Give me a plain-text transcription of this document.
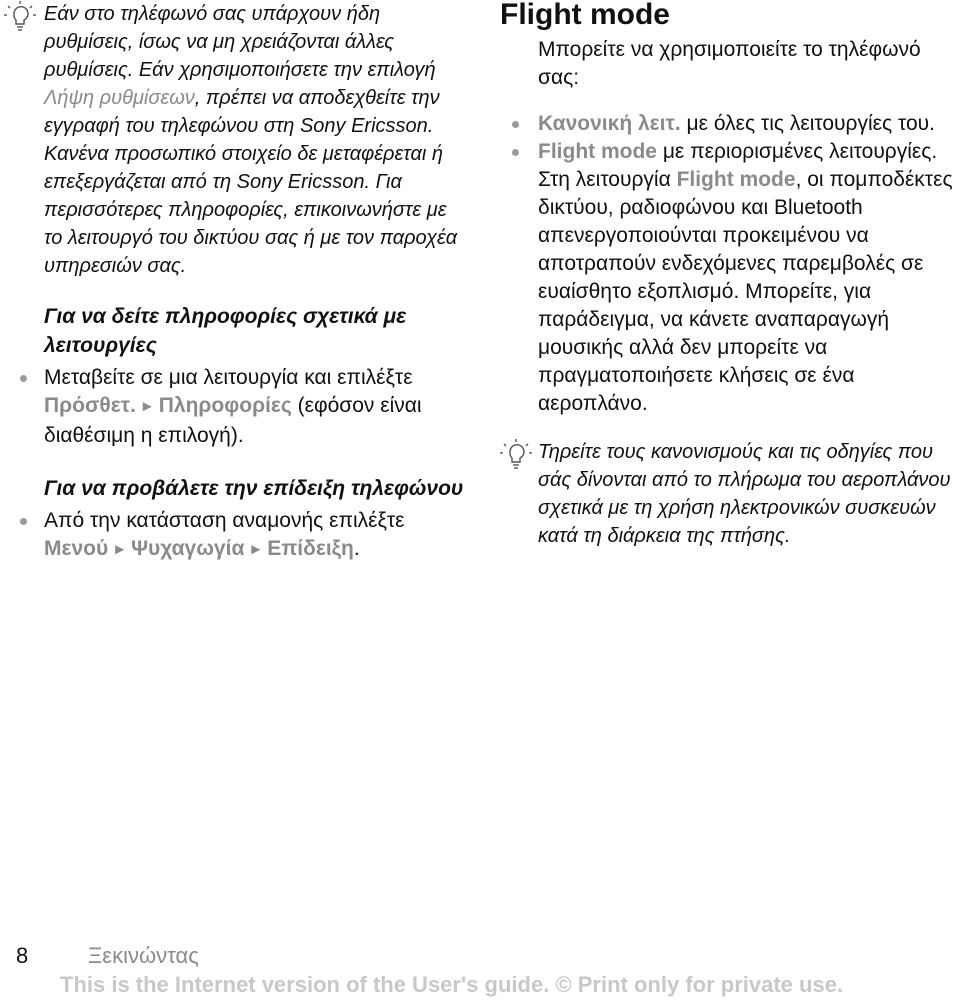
Εάν στο τηλέφωνό σας υπάρχουν ήδη ρυθμίσεις, ίσως να μη χρειάζονται άλλες ρυθμίσεις. Εάν χρησιμοποιήσετε την επιλογή Λήψη ρυθμίσεων, πρέπει να αποδεχθείτε την εγγραφή του τηλεφώνου στη Sony Ericsson. Κανένα προσωπικό στοιχείο δε μεταφέρεται ή επεξεργάζεται από τη Sony Ericsson. Για περισσότερες πληροφορίες, επικοινωνήστε με το λειτουργό του δικτύου σας ή με τον παροχέα υπηρεσιών σας.

Για να δείτε πληροφορίες σχετικά με λειτουργίες
Μεταβείτε σε μια λειτουργία και επιλέξτε Πρόσθετ. ► Πληροφορίες (εφόσον είναι διαθέσιμη η επιλογή).
Για να προβάλετε την επίδειξη τηλεφώνου
Από την κατάσταση αναμονής επιλέξτε Μενού ► Ψυχαγωγία ► Επίδειξη.
Flight mode

Μπορείτε να χρησιμοποιείτε το τηλέφωνό σας:

Κανονική λειτ. με όλες τις λειτουργίες του.
Flight mode με περιορισμένες λειτουργίες. Στη λειτουργία Flight mode, οι πομποδέκτες δικτύου, ραδιοφώνου και Bluetooth απενεργοποιούνται προκειμένου να αποτραπούν ενδεχόμενες παρεμβολές σε ευαίσθητο εξοπλισμό. Μπορείτε, για παράδειγμα, να κάνετε αναπαραγωγή μουσικής αλλά δεν μπορείτε να πραγματοποιήσετε κλήσεις σε ένα αεροπλάνο.

Τηρείτε τους κανονισμούς και τις οδηγίες που σάς δίνονται από το πλήρωμα του αεροπλάνου σχετικά με τη χρήση ηλεκτρονικών συσκευών κατά τη διάρκεια της πτήσης.

8	Ξεκινώντας
This is the Internet version of the User's guide. © Print only for private use.
